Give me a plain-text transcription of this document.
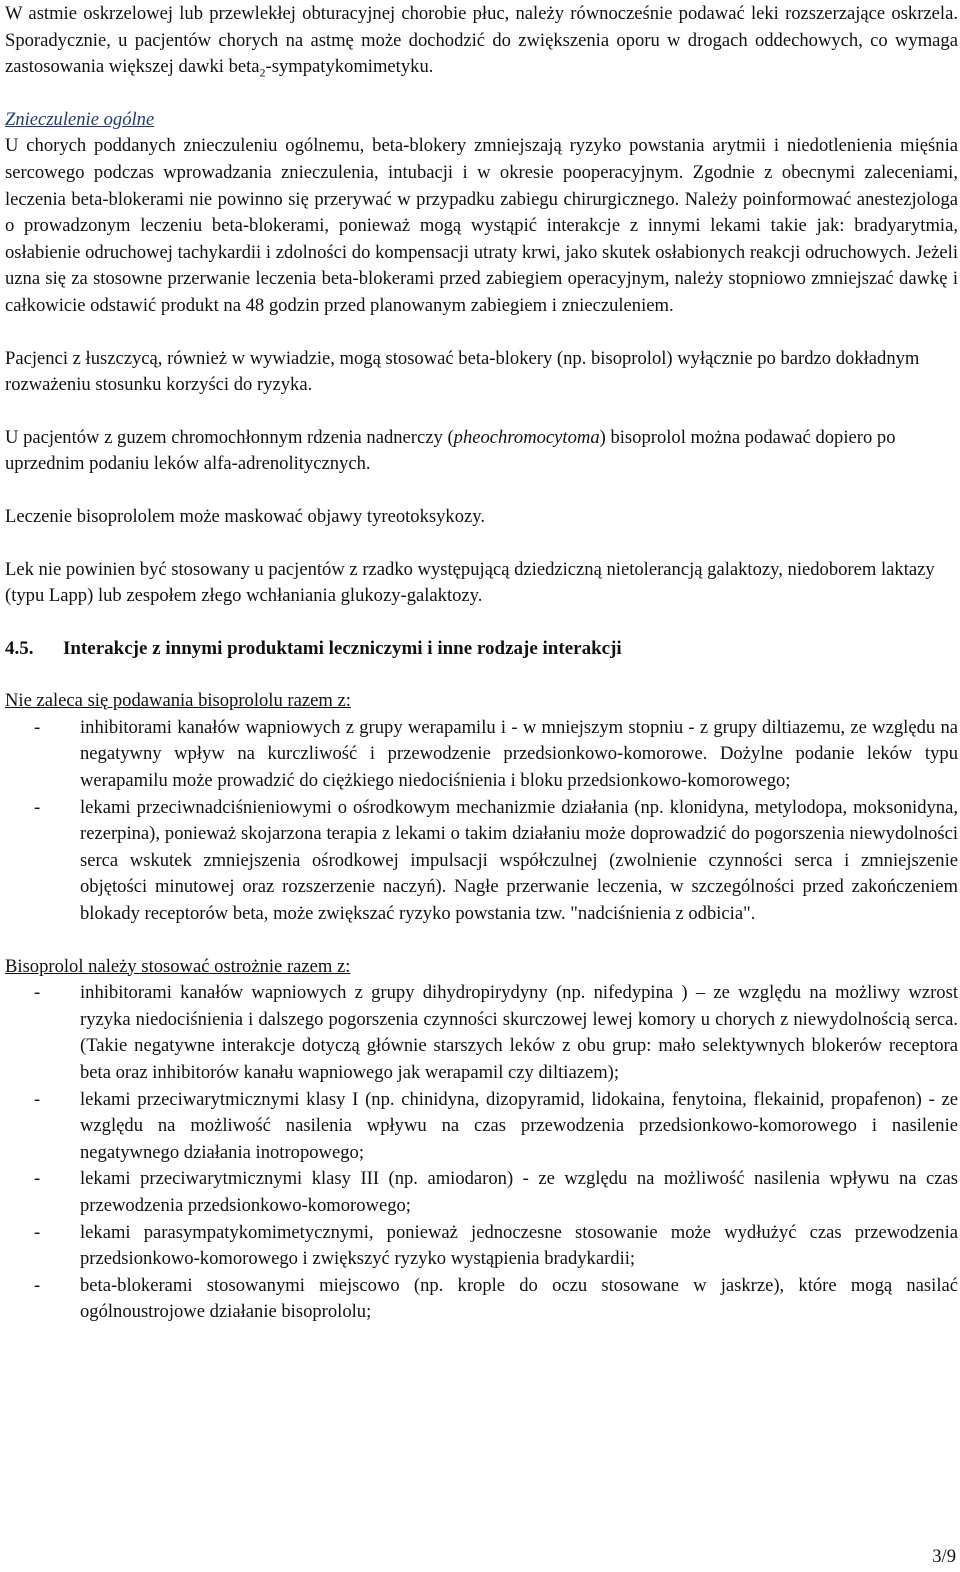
W astmie oskrzelowej lub przewlekłej obturacyjnej chorobie płuc, należy równocześnie podawać leki rozszerzające oskrzela. Sporadycznie, u pacjentów chorych na astmę może dochodzić do zwiększenia oporu w drogach oddechowych, co wymaga zastosowania większej dawki beta$_2$-sympatykomimetyku.

Znieczulenie ogólne

U chorych poddanych znieczuleniu ogólnemu, beta-blokery zmniejszają ryzyko powstania arytmii i niedotlenienia mięśnia sercowego podczas wprowadzania znieczulenia, intubacji i w okresie pooperacyjnym. Zgodnie z obecnymi zaleceniami, leczenia beta-blokerami nie powinno się przerywać w przypadku zabiegu chirurgicznego. Należy poinformować anestezjologa o prowadzonym leczeniu beta-blokerami, ponieważ mogą wystąpić interakcje z innymi lekami takie jak: bradyarytmia, osłabienie odruchowej tachykardii i zdolności do kompensacji utraty krwi, jako skutek osłabionych reakcji odruchowych. Jeżeli uzna się za stosowne przerwanie leczenia beta-blokerami przed zabiegiem operacyjnym, należy stopniowo zmniejszać dawkę i całkowicie odstawić produkt na 48 godzin przed planowanym zabiegiem i znieczuleniem.

Pacjenci z łuszczycą, również w wywiadzie, mogą stosować beta-blokery (np. bisoprolol) wyłącznie po bardzo dokładnym rozważeniu stosunku korzyści do ryzyka.

U pacjentów z guzem chromochłonnym rdzenia nadnerczy (pheochromocytoma) bisoprolol można podawać dopiero po uprzednim podaniu leków alfa-adrenolitycznych.

Leczenie bisoprololem może maskować objawy tyreotoksykozy.

Lek nie powinien być stosowany u pacjentów z rzadko występującą dziedziczną nietolerancją galaktozy, niedoborem laktazy (typu Lapp) lub zespołem złego wchłaniania glukozy-galaktozy.

4.5.	Interakcje z innymi produktami leczniczymi i inne rodzaje interakcji

Nie zaleca się podawania bisoprololu razem z:

-	inhibitorami kanałów wapniowych z grupy werapamilu i - w mniejszym stopniu - z grupy diltiazemu, ze względu na negatywny wpływ na kurczliwość i przewodzenie przedsionkowo-komorowe. Dożylne podanie leków typu werapamilu może prowadzić do ciężkiego niedociśnienia i bloku przedsionkowo-komorowego;
-	lekami przeciwnadciśnieniowymi o ośrodkowym mechanizmie działania (np. klonidyna, metylodopa, moksonidyna, rezerpina), ponieważ skojarzona terapia z lekami o takim działaniu może doprowadzić do pogorszenia niewydolności serca wskutek zmniejszenia ośrodkowej impulsacji współczulnej (zwolnienie czynności serca i zmniejszenie objętości minutowej oraz rozszerzenie naczyń). Nagłe przerwanie leczenia, w szczególności przed zakończeniem blokady receptorów beta, może zwiększać ryzyko powstania tzw. "nadciśnienia z odbicia".

Bisoprolol należy stosować ostrożnie razem z:

-	inhibitorami kanałów wapniowych z grupy dihydropirydyny (np. nifedypina ) – ze względu na możliwy wzrost ryzyka niedociśnienia i dalszego pogorszenia czynności skurczowej lewej komory u chorych z niewydolnością serca. (Takie negatywne interakcje dotyczą głównie starszych leków z obu grup: mało selektywnych blokerów receptora beta oraz inhibitorów kanału wapniowego jak werapamil czy diltiazem);
-	lekami przeciwarytmicznymi klasy I (np. chinidyna, dizopyramid, lidokaina, fenytoina, flekainid, propafenon) - ze względu na możliwość nasilenia wpływu na czas przewodzenia przedsionkowo-komorowego i nasilenie negatywnego działania inotropowego;
-	lekami przeciwarytmicznymi klasy III (np. amiodaron) - ze względu na możliwość nasilenia wpływu na czas przewodzenia przedsionkowo-komorowego;
-	lekami parasympatykomimetycznymi, ponieważ jednoczesne stosowanie może wydłużyć czas przewodzenia przedsionkowo-komorowego i zwiększyć ryzyko wystąpienia bradykardii;
-	beta-blokerami stosowanymi miejscowo (np. krople do oczu stosowane w jaskrze), które mogą nasilać ogólnoustrojowe działanie bisoprololu;
3/9
